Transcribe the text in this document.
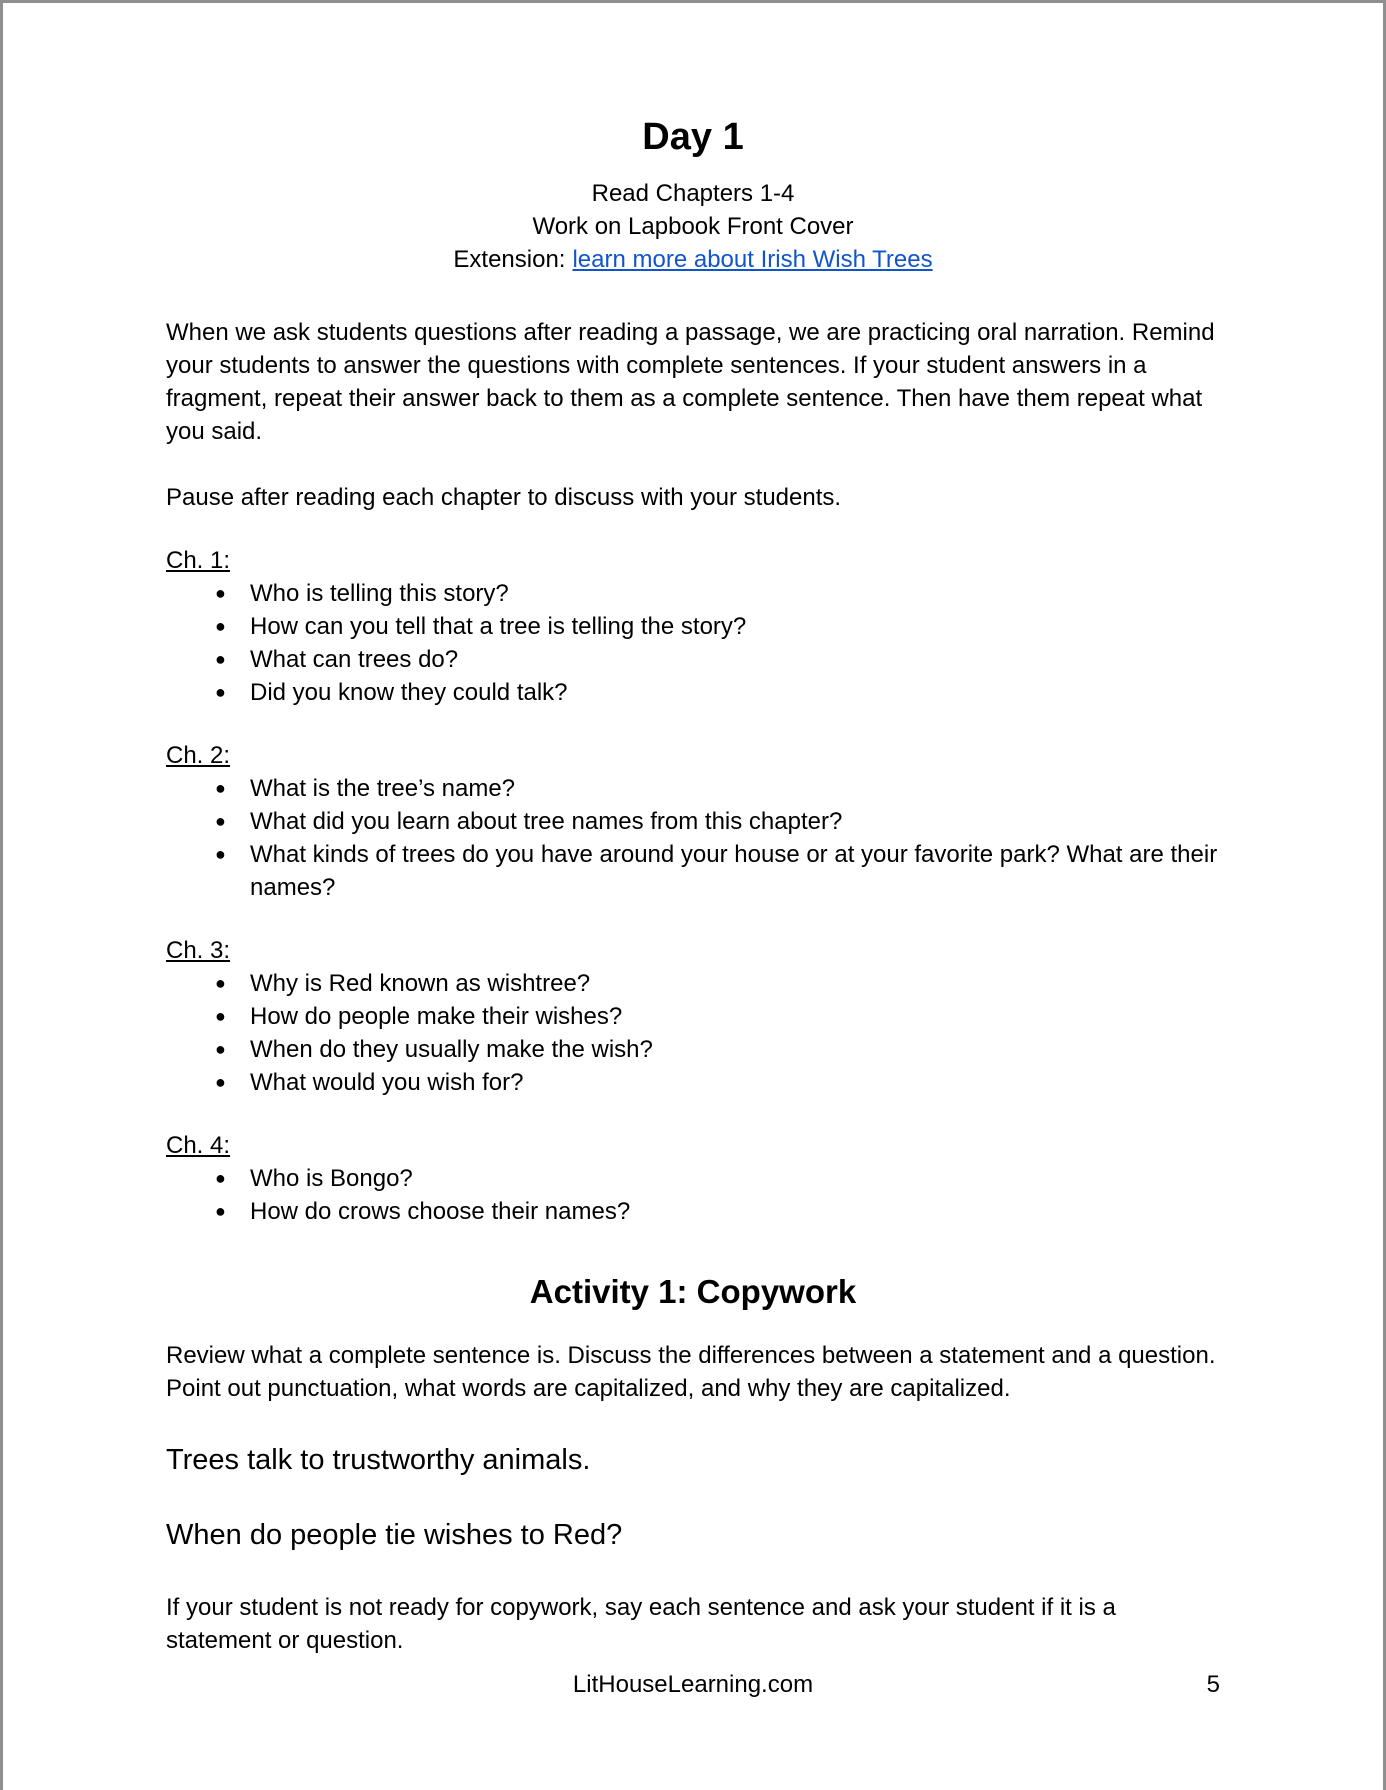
Day 1
Read Chapters 1-4
Work on Lapbook Front Cover
Extension: learn more about Irish Wish Trees

When we ask students questions after reading a passage, we are practicing oral narration. Remind your students to answer the questions with complete sentences. If your student answers in a fragment, repeat their answer back to them as a complete sentence. Then have them repeat what you said.

Pause after reading each chapter to discuss with your students.

Ch. 1:
●	Who is telling this story?
●	How can you tell that a tree is telling the story?
●	What can trees do?
●	Did you know they could talk?
Ch. 2:
●	What is the tree’s name?
●	What did you learn about tree names from this chapter?
●	What kinds of trees do you have around your house or at your favorite park? What are their names?
Ch. 3:
●	Why is Red known as wishtree?
●	How do people make their wishes?
●	When do they usually make the wish?
●	What would you wish for?
Ch. 4:
●	Who is Bongo?
●	How do crows choose their names?
Activity 1: Copywork

Review what a complete sentence is. Discuss the differences between a statement and a question. Point out punctuation, what words are capitalized, and why they are capitalized.

Trees talk to trustworthy animals.

When do people tie wishes to Red?

If your student is not ready for copywork, say each sentence and ask your student if it is a statement or question.

LitHouseLearning.com	5
